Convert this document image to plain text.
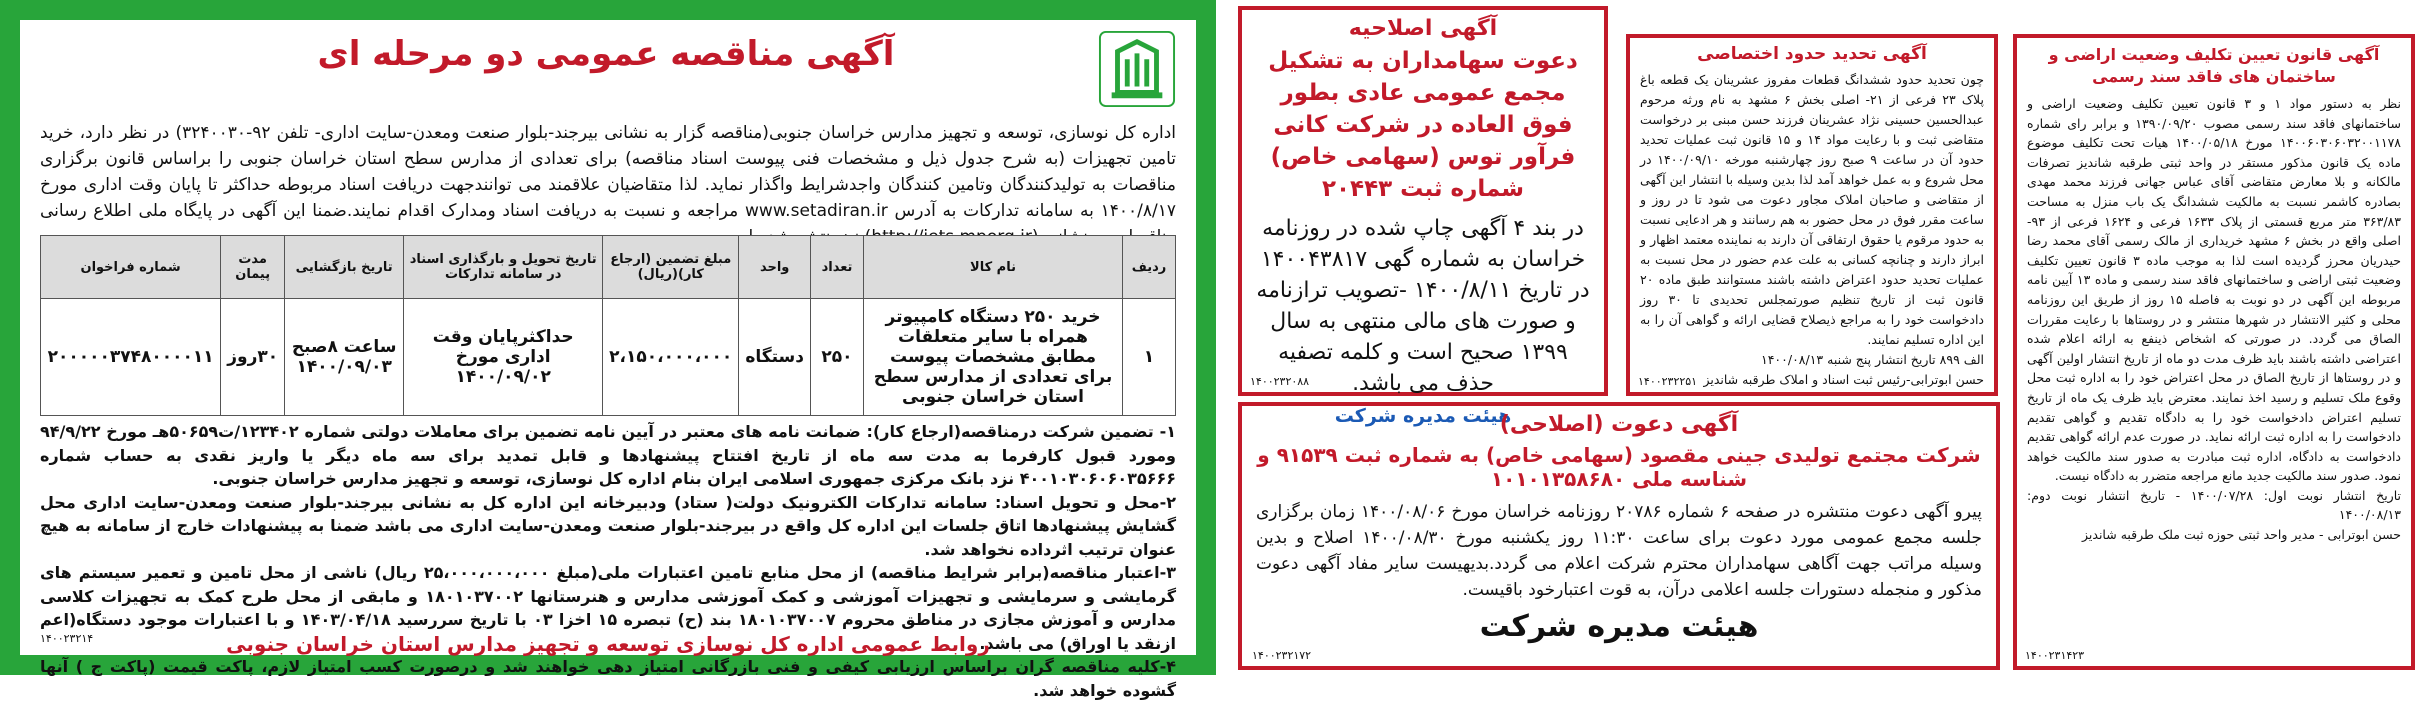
آگهی مناقصه عمومی دو مرحله ای
اداره کل نوسازی، توسعه و تجهیز مدارس خراسان جنوبی(مناقصه گزار به نشانی بیرجند-بلوار صنعت ومعدن-سایت اداری- تلفن ۹۲-۳۲۴۰۰۳۰) در نظر دارد، خرید تامین تجهیزات (به شرح جدول ذیل و مشخصات فنی پیوست اسناد مناقصه) برای تعدادی از مدارس سطح استان خراسان جنوبی را براساس قانون برگزاری مناقصات به تولیدکنندگان وتامین کنندگان واجدشرایط واگذار نماید. لذا متقاضیان علاقمند می توانندجهت دریافت اسناد مربوطه حداکثر تا پایان وقت اداری مورخ ۱۴۰۰/۸/۱۷ به سامانه تدارکات به آدرس www.setadiran.ir مراجعه و نسبت به دریافت اسناد ومدارک اقدام نمایند.ضمنا این آگهی در پایگاه ملی اطلاع رسانی
ردیف	نام کالا	تعداد	واحد	مبلغ تضمین (ارجاع کار)(ریال)	تاریخ تحویل و بارگذاری اسناد در سامانه تدارکات	تاریخ بازگشایی	مدت پیمان	شماره فراخوان
۱	خرید ۲۵۰ دستگاه کامپیوتر همراه با سایر متعلقات مطابق مشخصات پیوست برای تعدادی از مدارس سطح استان خراسان جنوبی	۲۵۰	دستگاه	۲،۱۵۰،۰۰۰،۰۰۰	حداکثرپایان وقت اداری مورخ ۱۴۰۰/۰۹/۰۲	ساعت ۸صبح ۱۴۰۰/۰۹/۰۳	۳۰روز	۲۰۰۰۰۰۳۷۴۸۰۰۰۰۱۱
۱- تضمین شرکت درمناقصه(ارجاع کار): ضمانت نامه های معتبر در آیین نامه تضمین برای معاملات دولتی شماره ۱۲۳۴۰۲/ت۵۰۶۵۹هـ مورخ ۹۴/۹/۲۲ ومورد قبول کارفرما به مدت سه ماه از تاریخ افتتاح پیشنهادها و قابل تمدید برای سه ماه دیگر یا واریز نقدی به حساب شماره ۴۰۰۱۰۳۰۶۰۶۰۳۵۶۶۶ نزد بانک مرکزی جمهوری اسلامی ایران بنام اداره کل نوسازی، توسعه و تجهیز مدارس خراسان جنوبی.
۲-محل و تحویل اسناد: سامانه تدارکات الکترونیک دولت( ستاد) ودبیرخانه این اداره کل به نشانی بیرجند-بلوار صنعت ومعدن-سایت اداری محل گشایش پیشنهادها اتاق جلسات این اداره کل واقع در بیرجند-بلوار صنعت ومعدن-سایت اداری می باشد ضمنا به پیشنهادات خارج از سامانه به هیچ عنوان ترتیب اثرداده نخواهد شد.
۳-اعتبار مناقصه(برابر شرایط مناقصه) از محل منابع تامین اعتبارات ملی(مبلغ ۲۵،۰۰۰،۰۰۰،۰۰۰ ریال) ناشی از محل تامین و تعمیر سیستم های گرمایشی و سرمایشی و تجهیزات آموزشی و کمک آموزشی مدارس و هنرستانها ۱۸۰۱۰۳۷۰۰۲ و مابقی از محل طرح کمک به تجهیزات کلاسی مدارس و آموزش مجازی در مناطق محروم ۱۸۰۱۰۳۷۰۰۷ بند (ح) تبصره ۱۵ اخزا ۰۳ با تاریخ سررسید ۱۴۰۳/۰۴/۱۸ و با اعتبارات موجود دستگاه(اعم ازنقد یا اوراق) می باشد.
۴-کلیه مناقصه گران براساس ارزیابی کیفی و فنی بازرگانی امتیاز دهی خواهند شد و درصورت کسب امتیاز لازم، پاکت قیمت (پاکت ج ) آنها گشوده خواهد شد.
روابط عمومی اداره کل نوسازی توسعه و تجهیز مدارس استان خراسان جنوبی
۱۴۰۰۲۳۲۱۴
آگهی اصلاحیه
دعوت سهامداران به تشکیل مجمع عمومی عادی بطور فوق العاده در شرکت کانی فرآور توس (سهامی خاص) شماره ثبت ۲۰۴۴۳
در بند ۴ آگهی چاپ شده در روزنامه خراسان به شماره گهی ۱۴۰۰۴۳۸۱۷ در تاریخ ۱۴۰۰/۸/۱۱ -تصویب ترازنامه و صورت های مالی منتهی به سال ۱۳۹۹ صحیح است و کلمه تصفیه حذف می باشد.
هیئت مدیره شرکت
۱۴۰۰۲۳۲۰۸۸
آگهی دعوت (اصلاحی)
شرکت مجتمع تولیدی جینی مقصود (سهامی خاص) به شماره ثبت ۹۱۵۳۹ و شناسه ملی ۱۰۱۰۱۳۵۸۶۸۰
پیرو آگهی دعوت منتشره در صفحه ۶ شماره ۲۰۷۸۶ روزنامه خراسان مورخ ۱۴۰۰/۰۸/۰۶ زمان برگزاری جلسه مجمع عمومی مورد دعوت برای ساعت ۱۱:۳۰ روز یکشنبه مورخ ۱۴۰۰/۰۸/۳۰ اصلاح و بدین وسیله مراتب جهت آگاهی سهامداران محترم شرکت اعلام می گردد.بدیهیست سایر مفاد آگهی دعوت مذکور و منجمله دستورات جلسه اعلامی درآن، به قوت اعتبارخود باقیست.
هیئت مدیره شرکت
۱۴۰۰۲۳۲۱۷۲
آگهی تحدید حدود اختصاصی
چون تحدید حدود ششدانگ قطعات مفروز عشرینان یک قطعه باغ پلاک ۲۳ فرعی از ۲۱- اصلی بخش ۶ مشهد به نام ورثه مرحوم عبدالحسین حسینی نژاد عشرینان فرزند حسن مبنی بر درخواست متقاضی ثبت و با رعایت مواد ۱۴ و ۱۵ قانون ثبت عملیات تحدید حدود آن در ساعت ۹ صبح روز چهارشنبه مورخه ۱۴۰۰/۰۹/۱۰ در محل شروع و به عمل خواهد آمد لذا بدین وسیله با انتشار این آگهی از متقاضی و صاحبان املاک مجاور دعوت می شود تا در روز و ساعت مقرر فوق در محل حضور به هم رسانند و هر ادعایی نسبت به حدود مرقوم یا حقوق ارتفاقی آن دارند به نماینده معتمد اظهار و ابراز دارند و چنانچه کسانی به علت عدم حضور در محل نسبت به عملیات تحدید حدود اعتراض داشته باشند مستوانند طبق ماده ۲۰ قانون ثبت از تاریخ تنظیم صورتمجلس تحدیدی تا ۳۰ روز دادخواست خود را به مراجع ذیصلاح قضایی ارائه و گواهی آن را به این اداره تسلیم نمایند.
الف ۸۹۹ تاریخ انتشار پنج شنبه ۱۴۰۰/۰۸/۱۳
حسن ابوترابی-رئیس ثبت اسناد و املاک طرقبه شاندیز
۱۴۰۰۲۳۲۲۵۱
آگهی قانون تعیین تکلیف وضعیت اراضی و ساختمان های فاقد سند رسمی
نظر به دستور مواد ۱ و ۳ قانون تعیین تکلیف وضعیت اراضی و ساختمانهای فاقد سند رسمی مصوب ۱۳۹۰/۰۹/۲۰ و برابر رای شماره ۱۴۰۰۶۰۳۰۶۰۳۲۰۰۱۱۷۸ مورخ ۱۴۰۰/۰۵/۱۸ هیات تحت تکلیف موضوع ماده یک قانون مذکور مستقر در واحد ثبتی طرقبه شاندیز تصرفات مالکانه و بلا معارض متقاضی آقای عباس جهانی فرزند محمد مهدی بصادره کاشمر نسبت به مالکیت ششدانگ یک باب منزل به مساحت ۳۶۳/۸۳ متر مربع قسمتی از پلاک ۱۶۳۳ فرعی و ۱۶۲۴ فرعی از ۹۳-اصلی واقع در بخش ۶ مشهد خریداری از مالک رسمی آقای محمد رضا حیدریان محرز گردیده است لذا به موجب ماده ۳ قانون تعیین تکلیف وضعیت ثبتی اراضی و ساختمانهای فاقد سند رسمی و ماده ۱۳ آیین نامه مربوطه این آگهی در دو نوبت به فاصله ۱۵ روز از طریق این روزنامه محلی و کثیر الانتشار در شهرها منتشر و در روستاها با رعایت مقررات الصاق می گردد. در صورتی که اشخاص ذینفع به ارائه اعلام شده اعتراضی داشته باشند باید ظرف مدت دو ماه از تاریخ انتشار اولین آگهی و در روستاها از تاریخ الصاق در محل اعتراض خود را به اداره ثبت محل وقوع ملک تسلیم و رسید اخذ نمایند. معترض باید ظرف یک ماه از تاریخ تسلیم اعتراض دادخواست خود را به دادگاه تقدیم و گواهی تقدیم دادخواست را به اداره ثبت ارائه نماید. در صورت عدم ارائه گواهی تقدیم دادخواست به دادگاه، اداره ثبت مبادرت به صدور سند مالکیت خواهد نمود. صدور سند مالکیت جدید مانع مراجعه متضرر به دادگاه نیست.
تاریخ انتشار نوبت اول: ۱۴۰۰/۰۷/۲۸ - تاریخ انتشار نوبت دوم: ۱۴۰۰/۰۸/۱۳
حسن ابوترابی - مدیر واحد ثبتی حوزه ثبت ملک طرقبه شاندیز
۱۴۰۰۲۳۱۴۲۳
